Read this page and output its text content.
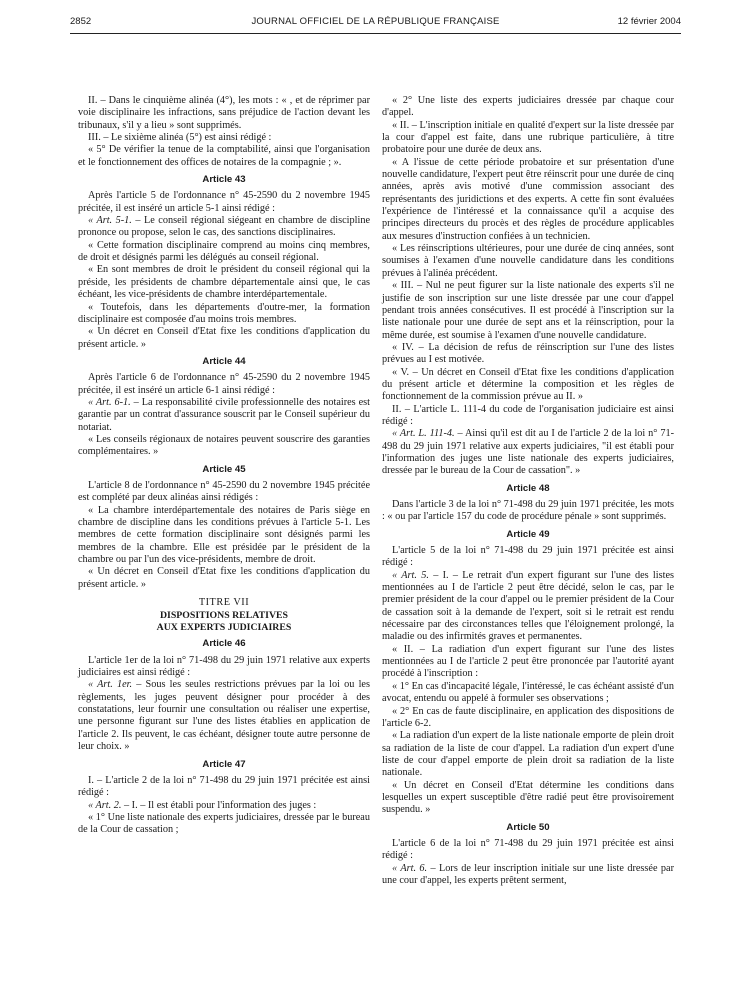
2852	JOURNAL OFFICIEL DE LA RÉPUBLIQUE FRANÇAISE	12 février 2004

II. – Dans le cinquième alinéa (4°), les mots : « , et de réprimer par voie disciplinaire les infractions, sans préjudice de l'action devant les tribunaux, s'il y a lieu » sont supprimés.

III. – Le sixième alinéa (5°) est ainsi rédigé :

« 5° De vérifier la tenue de la comptabilité, ainsi que l'organisation et le fonctionnement des offices de notaires de la compagnie ; ».

Article 43

Après l'article 5 de l'ordonnance n° 45-2590 du 2 novembre 1945 précitée, il est inséré un article 5-1 ainsi rédigé :

« Art. 5-1. – Le conseil régional siégeant en chambre de discipline prononce ou propose, selon le cas, des sanctions disciplinaires.

« Cette formation disciplinaire comprend au moins cinq membres, de droit et désignés parmi les délégués au conseil régional.

« En sont membres de droit le président du conseil régional qui la préside, les présidents de chambre départementale ainsi que, le cas échéant, les vice-présidents de chambre interdépartementale.

« Toutefois, dans les départements d'outre-mer, la formation disciplinaire est composée d'au moins trois membres.

« Un décret en Conseil d'Etat fixe les conditions d'application du présent article. »

Article 44

Après l'article 6 de l'ordonnance n° 45-2590 du 2 novembre 1945 précitée, il est inséré un article 6-1 ainsi rédigé :

« Art. 6-1. – La responsabilité civile professionnelle des notaires est garantie par un contrat d'assurance souscrit par le Conseil supérieur du notariat.

« Les conseils régionaux de notaires peuvent souscrire des garanties complémentaires. »

Article 45

L'article 8 de l'ordonnance n° 45-2590 du 2 novembre 1945 précitée est complété par deux alinéas ainsi rédigés :

« La chambre interdépartementale des notaires de Paris siège en chambre de discipline dans les conditions prévues à l'article 5-1. Les membres de cette formation disciplinaire sont désignés parmi les membres de la chambre. Elle est présidée par le président de la chambre ou par l'un des vice-présidents, membre de droit.

« Un décret en Conseil d'Etat fixe les conditions d'application du présent article. »

TITRE VII
DISPOSITIONS RELATIVES
AUX EXPERTS JUDICIAIRES
Article 46

L'article 1er de la loi n° 71-498 du 29 juin 1971 relative aux experts judiciaires est ainsi rédigé :

« Art. 1er. – Sous les seules restrictions prévues par la loi ou les règlements, les juges peuvent désigner pour procéder à des constatations, leur fournir une consultation ou réaliser une expertise, une personne figurant sur l'une des listes établies en application de l'article 2. Ils peuvent, le cas échéant, désigner toute autre personne de leur choix. »

Article 47

I. – L'article 2 de la loi n° 71-498 du 29 juin 1971 précitée est ainsi rédigé :

« Art. 2. – I. – Il est établi pour l'information des juges :

« 1° Une liste nationale des experts judiciaires, dressée par le bureau de la Cour de cassation ;

« 2° Une liste des experts judiciaires dressée par chaque cour d'appel.

« II. – L'inscription initiale en qualité d'expert sur la liste dressée par la cour d'appel est faite, dans une rubrique particulière, à titre probatoire pour une durée de deux ans.

« A l'issue de cette période probatoire et sur présentation d'une nouvelle candidature, l'expert peut être réinscrit pour une durée de cinq années, après avis motivé d'une commission associant des représentants des juridictions et des experts. A cette fin sont évaluées l'expérience de l'intéressé et la connaissance qu'il a acquise des principes directeurs du procès et des règles de procédure applicables aux mesures d'instruction confiées à un technicien.

« Les réinscriptions ultérieures, pour une durée de cinq années, sont soumises à l'examen d'une nouvelle candidature dans les conditions prévues à l'alinéa précédent.

« III. – Nul ne peut figurer sur la liste nationale des experts s'il ne justifie de son inscription sur une liste dressée par une cour d'appel pendant trois années consécutives. Il est procédé à l'inscription sur la liste nationale pour une durée de sept ans et la réinscription, pour la même durée, est soumise à l'examen d'une nouvelle candidature.

« IV. – La décision de refus de réinscription sur l'une des listes prévues au I est motivée.

« V. – Un décret en Conseil d'Etat fixe les conditions d'application du présent article et détermine la composition et les règles de fonctionnement de la commission prévue au II. »

II. – L'article L. 111-4 du code de l'organisation judiciaire est ainsi rédigé :

« Art. L. 111-4. – Ainsi qu'il est dit au I de l'article 2 de la loi n° 71-498 du 29 juin 1971 relative aux experts judiciaires, "il est établi pour l'information des juges une liste nationale des experts judiciaires, dressée par le bureau de la Cour de cassation". »

Article 48

Dans l'article 3 de la loi n° 71-498 du 29 juin 1971 précitée, les mots : « ou par l'article 157 du code de procédure pénale » sont supprimés.

Article 49

L'article 5 de la loi n° 71-498 du 29 juin 1971 précitée est ainsi rédigé :

« Art. 5. – I. – Le retrait d'un expert figurant sur l'une des listes mentionnées au I de l'article 2 peut être décidé, selon le cas, par le premier président de la cour d'appel ou le premier président de la Cour de cassation soit à la demande de l'expert, soit si le retrait est rendu nécessaire par des circonstances telles que l'éloignement prolongé, la maladie ou des infirmités graves et permanentes.

« II. – La radiation d'un expert figurant sur l'une des listes mentionnées au I de l'article 2 peut être prononcée par l'autorité ayant procédé à l'inscription :

« 1° En cas d'incapacité légale, l'intéressé, le cas échéant assisté d'un avocat, entendu ou appelé à formuler ses observations ;

« 2° En cas de faute disciplinaire, en application des dispositions de l'article 6-2.

« La radiation d'un expert de la liste nationale emporte de plein droit sa radiation de la liste de cour d'appel. La radiation d'un expert d'une liste de cour d'appel emporte de plein droit sa radiation de la liste nationale.

« Un décret en Conseil d'Etat détermine les conditions dans lesquelles un expert susceptible d'être radié peut être provisoirement suspendu. »

Article 50

L'article 6 de la loi n° 71-498 du 29 juin 1971 précitée est ainsi rédigé :

« Art. 6. – Lors de leur inscription initiale sur une liste dressée par une cour d'appel, les experts prêtent serment,
